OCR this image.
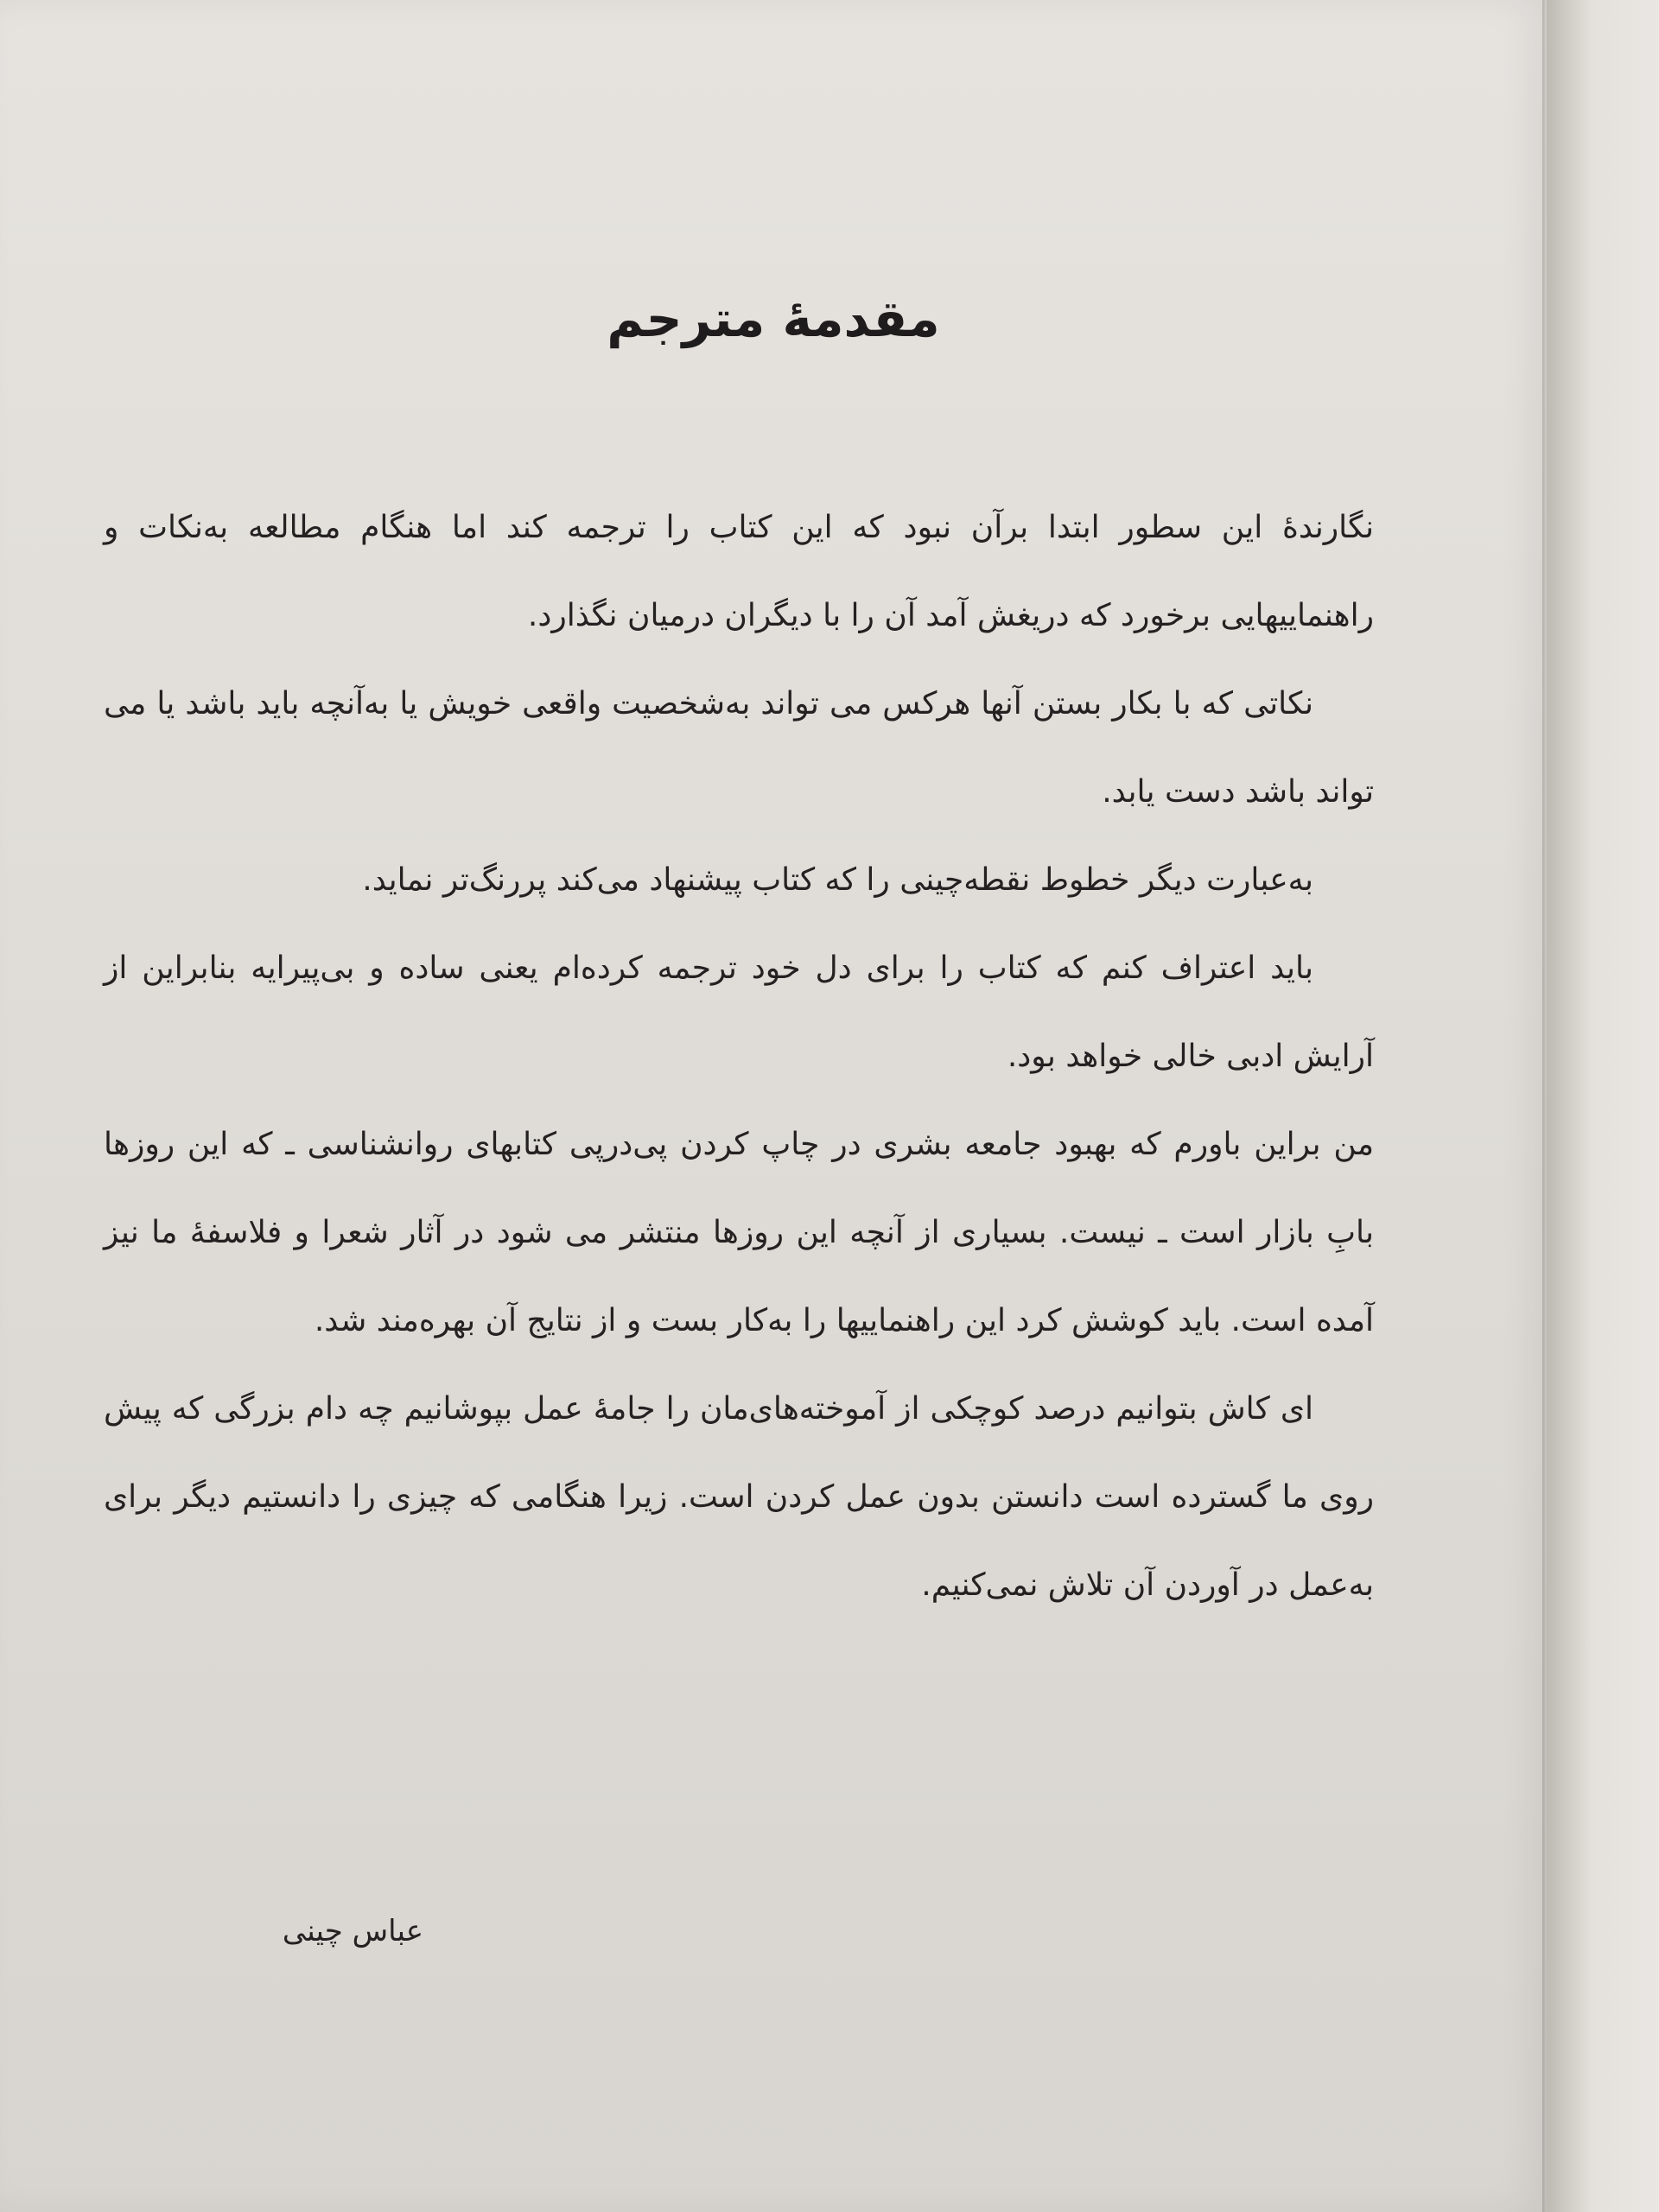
مقدمهٔ مترجم

نگارندهٔ این سطور ابتدا برآن نبود که این کتاب را ترجمه کند اما هنگام مطالعه به‌نکات و راهنماییهایی برخورد که دریغش آمد آن را با دیگران درمیان نگذارد.

نکاتی که با بکار بستن آنها هرکس می تواند به‌شخصیت واقعی خویش یا به‌آنچه باید باشد یا می تواند باشد دست یابد.

به‌عبارت دیگر خطوط نقطه‌چینی را که کتاب پیشنهاد می‌کند پررنگ‌تر نماید.

باید اعتراف کنم که کتاب را برای دل خود ترجمه کرده‌ام یعنی ساده و بی‌پیرایه بنابراین از آرایش ادبی خالی خواهد بود.

من براین باورم که بهبود جامعه بشری در چاپ کردن پی‌درپی کتابهای روانشناسی ـ که این روزها بابِ بازار است ـ نیست. بسیاری از آنچه این روزها منتشر می شود در آثار شعرا و فلاسفهٔ ما نیز آمده است. باید کوشش کرد این راهنماییها را به‌کار بست و از نتایج آن بهره‌مند شد.

ای کاش بتوانیم درصد کوچکی از آموخته‌های‌مان را جامهٔ عمل بپوشانیم چه دام بزرگی که پیش روی ما گسترده است دانستن بدون عمل کردن است. زیرا هنگامی که چیزی را دانستیم دیگر برای به‌عمل در آوردن آن تلاش نمی‌کنیم.

عباس چینی
